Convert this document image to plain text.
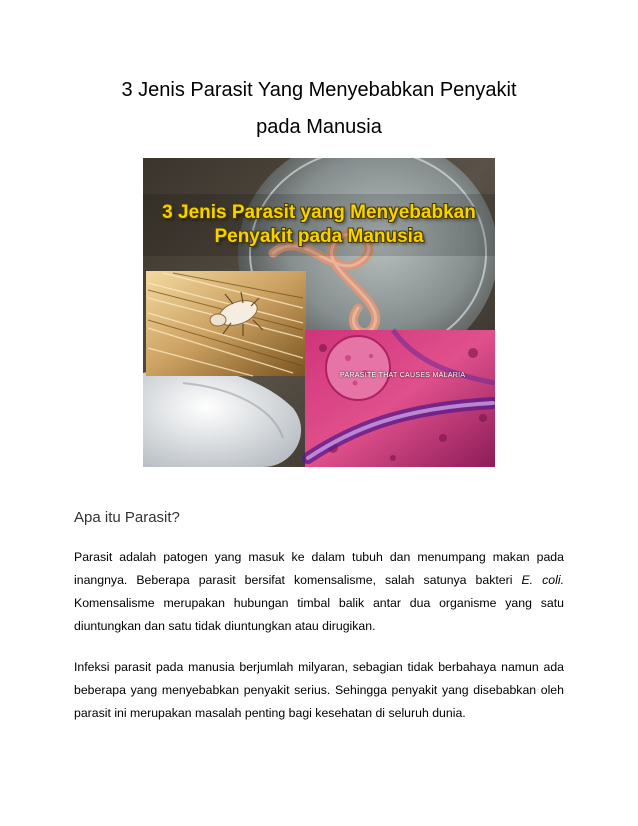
3 Jenis Parasit Yang Menyebabkan Penyakit
pada Manusia
3 Jenis Parasit yang Menyebabkan
Penyakit pada Manusia
PARASITE THAT CAUSES MALARIA
Apa itu Parasit?

Parasit adalah patogen yang masuk ke dalam tubuh dan menumpang makan pada inangnya. Beberapa parasit bersifat komensalisme, salah satunya bakteri E. coli. Komensalisme merupakan hubungan timbal balik antar dua organisme yang satu diuntungkan dan satu tidak diuntungkan atau dirugikan.

Infeksi parasit pada manusia berjumlah milyaran, sebagian tidak berbahaya namun ada beberapa yang menyebabkan penyakit serius. Sehingga penyakit yang disebabkan oleh parasit ini merupakan masalah penting bagi kesehatan di seluruh dunia.
